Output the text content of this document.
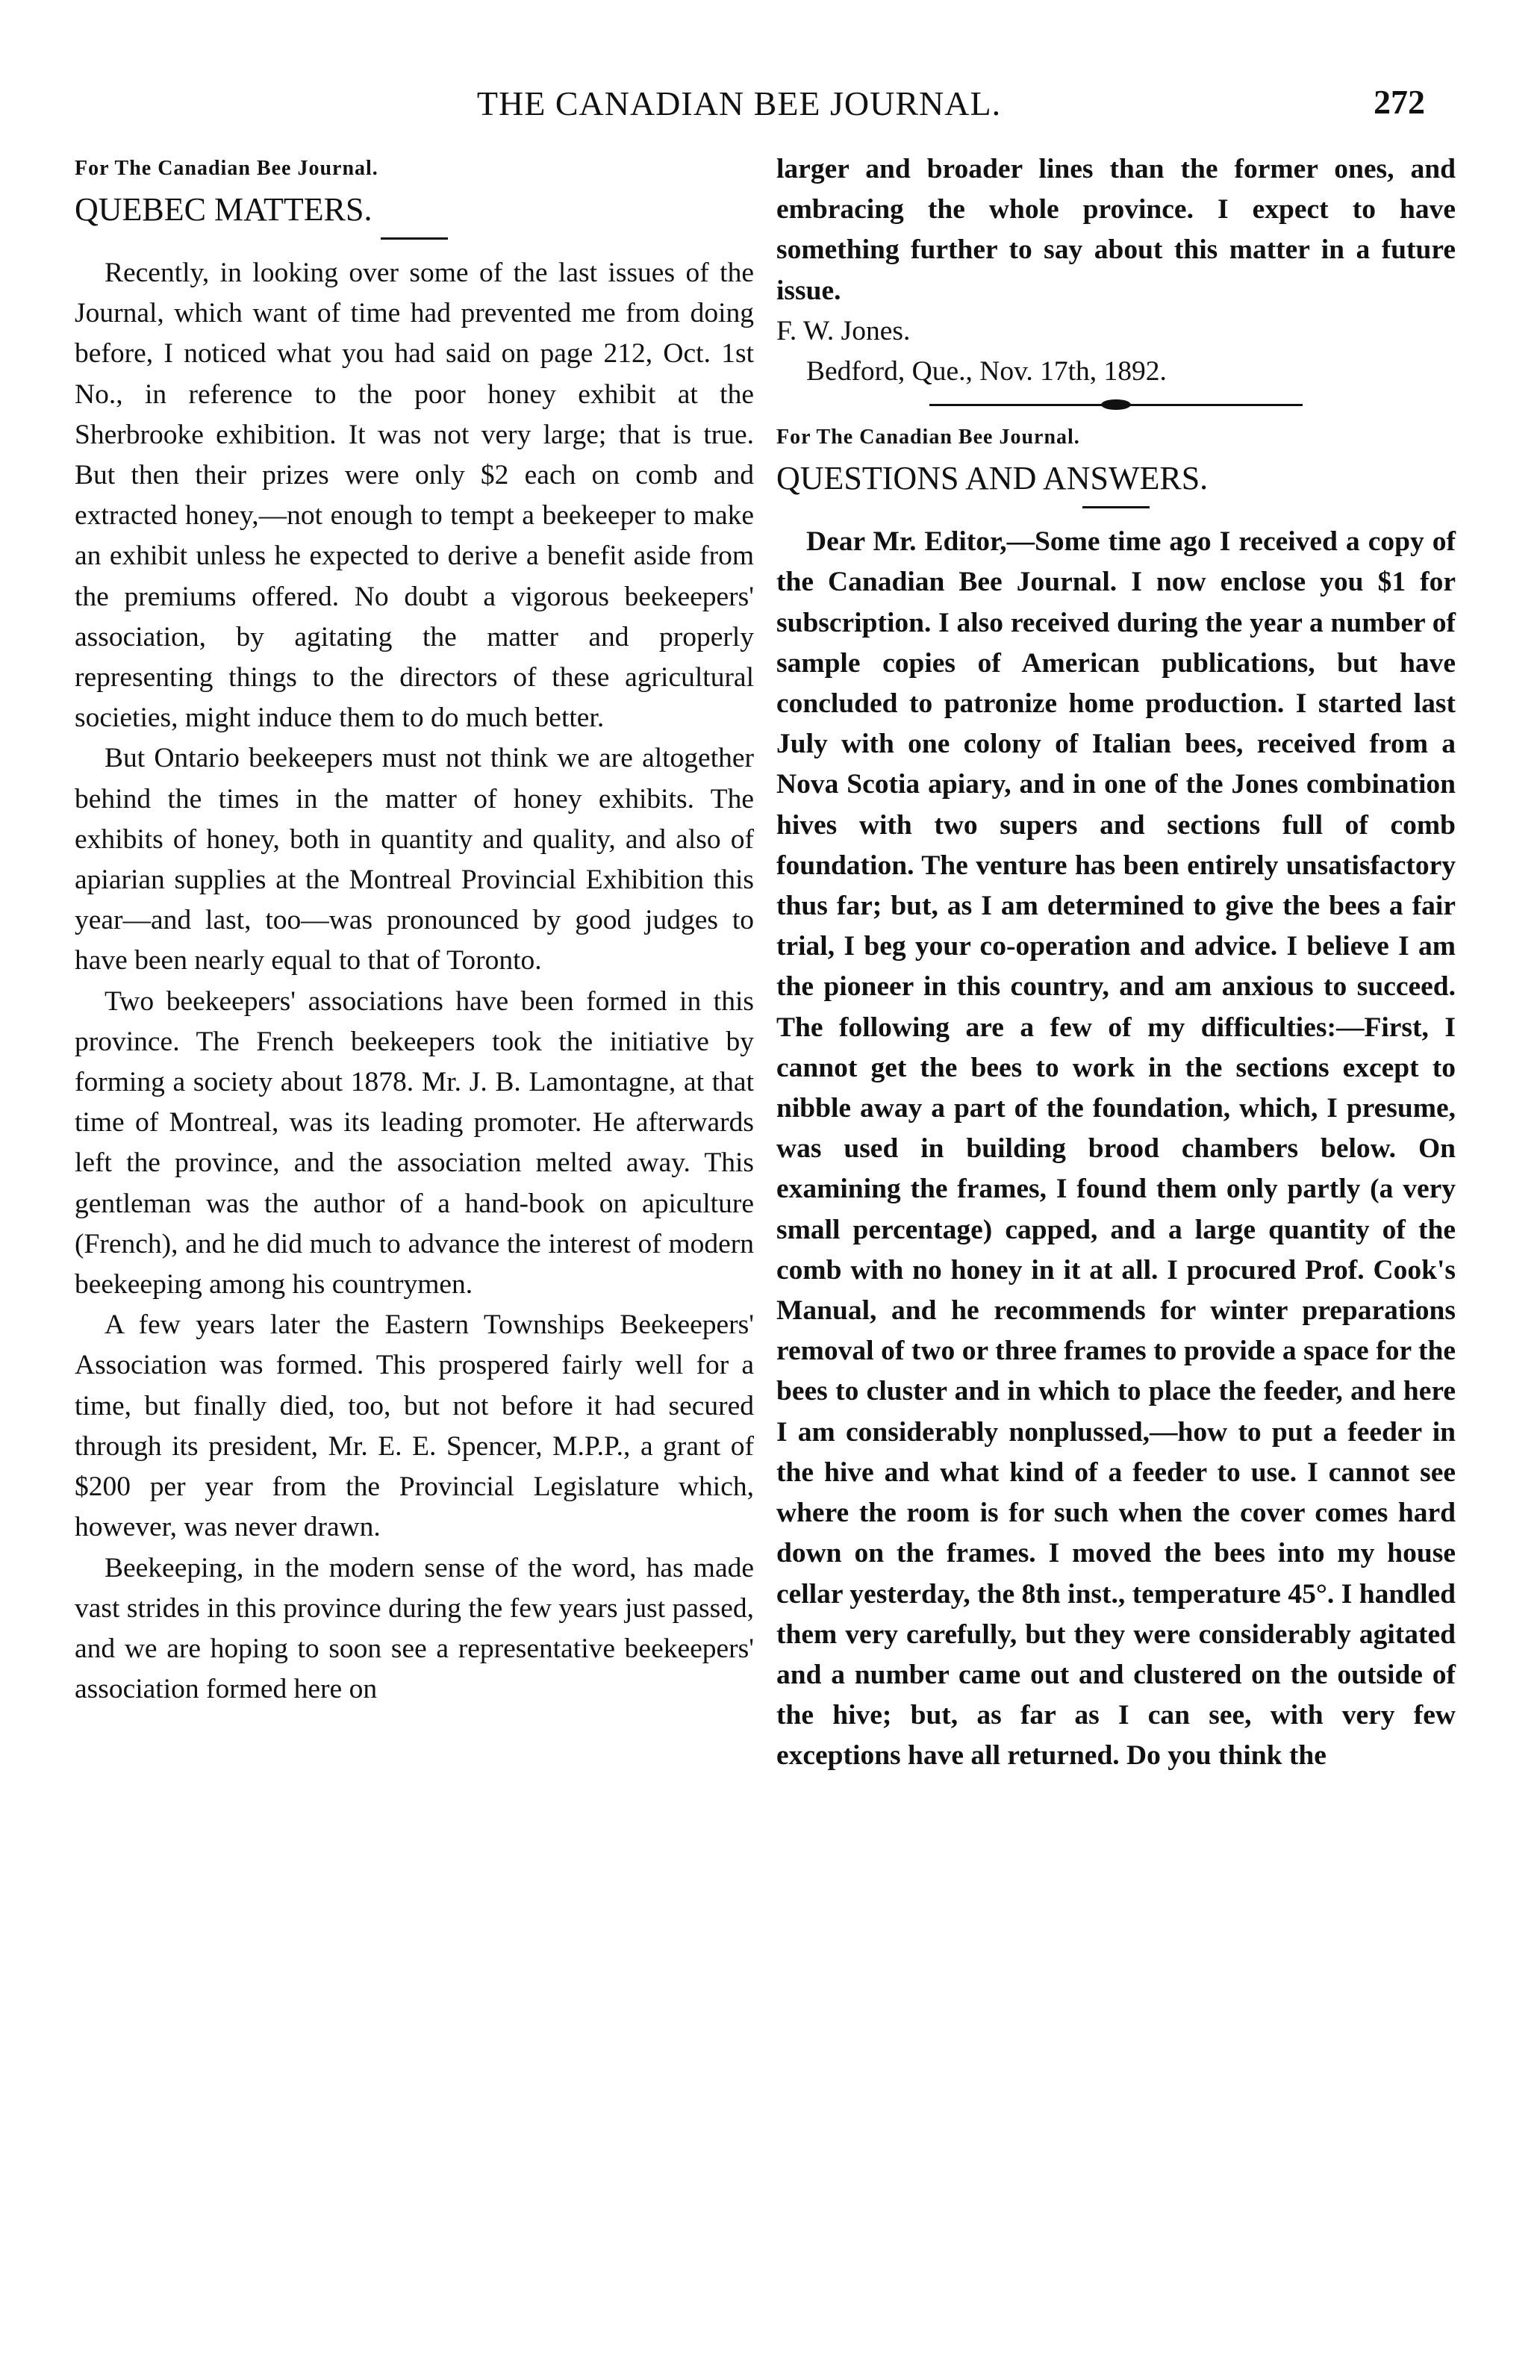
THE CANADIAN BEE JOURNAL.	272

For The Canadian Bee Journal.

QUEBEC MATTERS.

Recently, in looking over some of the last issues of the Journal, which want of time had prevented me from doing before, I noticed what you had said on page 212, Oct. 1st No., in reference to the poor honey exhibit at the Sherbrooke exhibition. It was not very large; that is true. But then their prizes were only $2 each on comb and extracted honey,—not enough to tempt a beekeeper to make an exhibit unless he expected to derive a benefit aside from the premiums offered. No doubt a vigorous beekeepers' association, by agitating the matter and properly representing things to the directors of these agricultural societies, might induce them to do much better.

But Ontario beekeepers must not think we are altogether behind the times in the matter of honey exhibits. The exhibits of honey, both in quantity and quality, and also of apiarian supplies at the Montreal Provincial Exhibition this year—and last, too—was pronounced by good judges to have been nearly equal to that of Toronto.

Two beekeepers' associations have been formed in this province. The French beekeepers took the initiative by forming a society about 1878. Mr. J. B. Lamontagne, at that time of Montreal, was its leading promoter. He afterwards left the province, and the association melted away. This gentleman was the author of a hand-book on apiculture (French), and he did much to advance the interest of modern beekeeping among his countrymen.

A few years later the Eastern Townships Beekeepers' Association was formed. This prospered fairly well for a time, but finally died, too, but not before it had secured through its president, Mr. E. E. Spencer, M.P.P., a grant of $200 per year from the Provincial Legislature which, however, was never drawn.

Beekeeping, in the modern sense of the word, has made vast strides in this province during the few years just passed, and we are hoping to soon see a representative beekeepers' association formed here on

larger and broader lines than the former ones, and embracing the whole province. I expect to have something further to say about this matter in a future issue.

F. W. Jones.

Bedford, Que., Nov. 17th, 1892.

For The Canadian Bee Journal.

QUESTIONS AND ANSWERS.

Dear Mr. Editor,—Some time ago I received a copy of the Canadian Bee Journal. I now enclose you $1 for subscription. I also received during the year a number of sample copies of American publications, but have concluded to patronize home production. I started last July with one colony of Italian bees, received from a Nova Scotia apiary, and in one of the Jones combination hives with two supers and sections full of comb foundation. The venture has been entirely unsatisfactory thus far; but, as I am determined to give the bees a fair trial, I beg your co-operation and advice. I believe I am the pioneer in this country, and am anxious to succeed. The following are a few of my difficulties:—First, I cannot get the bees to work in the sections except to nibble away a part of the foundation, which, I presume, was used in building brood chambers below. On examining the frames, I found them only partly (a very small percentage) capped, and a large quantity of the comb with no honey in it at all. I procured Prof. Cook's Manual, and he recommends for winter preparations removal of two or three frames to provide a space for the bees to cluster and in which to place the feeder, and here I am considerably nonplussed,—how to put a feeder in the hive and what kind of a feeder to use. I cannot see where the room is for such when the cover comes hard down on the frames. I moved the bees into my house cellar yesterday, the 8th inst., temperature 45°. I handled them very carefully, but they were considerably agitated and a number came out and clustered on the outside of the hive; but, as far as I can see, with very few exceptions have all returned. Do you think the
